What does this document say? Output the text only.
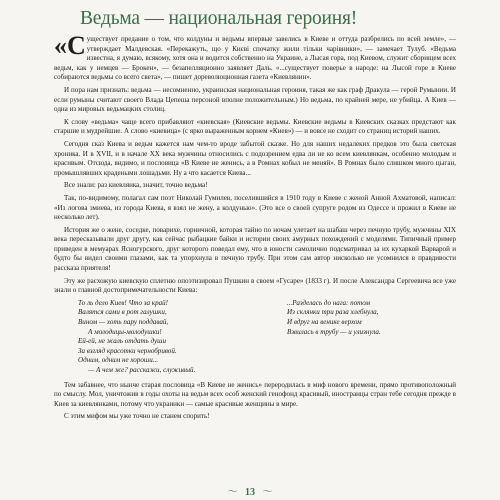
Ведьма — национальная героиня!

«Существует предание о том, что колдуны и ведьмы впервые завелись в Киеве и оттуда разбрелись по всей земле», — утверждает Малдевская. «Перекажуть, що у Києві спочатку жили тільки чарівники», — замечает Тулуб. «Ведьма известна, я думаю, всякому, хотя она и водится собственно на Украине, а Лысая гора, под Киевом, служит сборищем всех ведьм, как у немцев — Брокен», — безапелляционно заявляет Даль. «...существует поверье в народе: на Лысой горе в Киеве собираются ведьмы со всего света», — пишет дореволюционная газета «Киевлянин».

И пора нам признать: ведьма — несомненно, украинская национальная героиня, такая же как граф Дракула — герой Румынии. И если румыны считают своего Влада Цепеша персоной вполне положительным.) Но ведьма, по крайней мере, не убийца. А Киев — одна из мировых ведьмацких столиц.

К слову «ведьма» чаще всего прибавляют «киевская» (Киевские ведьмы. Киевские ведьмы в Киевских сказках предстают как старшие и мудрейшие. А слово «киевица» (с ярко выраженным корнем «Киев») — и вовсе не сходит со страниц историй наших.

Сегодня сказ Киева и ведьм кажется нам чем-то вроде забытой сказке. Но для наших недалеких предков это была светская хроника. И в XVII, и в начале XX века мужчины относились с подозрением едва ли не ко всем киевлянкам, особенно молодым и красивым. Отсюда, видимо, и пословица «В Киеве не женись, а в Ромнах кобыл не меняй». В Ромнах было слишком много цыган, промышлявших крадеными лошадьми. Ну а что касается Киева...

Все знали: раз киевлянка, значит, точно ведьма!

Так, по-видимому, полагал сам поэт Николай Гумилев, поселившийся в 1910 году в Киеве с женой Анной Ахматовой, написал: «Из логова змиева, из города Киева, я взял не жену, а колдунью». (Это все о своей супруге родом из Одессе и прожил в Киеве не несколько лет).

История же о жене, соседке, поварихе, горничной, которая тайно по ночам улетает на шабаш через печную трубу, мужчины XIX века пересказывали друг другу, как сейчас рыбацкие байки и истории своих амурных похождений с моделями. Типичный пример приведен в мемуарах Ясногурского, друг которого поведал ему, что в юности самолично подсматривал за их кухаркой Варварой и будто бы видел своими глазами, как та упорхнула в печную трубу. При этом сам автор нисколько не усомнился в правдивости рассказа приятеля!

Эту же расхожую киевскую сплетню опоэтизировал Пушкин в своем «Гусаре» (1833 г). И после Александра Сергеевича все уже знали о главной достопримечательности Киева:

То ль дело Киев! Что за край!
Валятся сами в рот галушки,
Вином — хоть пару поддавай,
А молодицы-молодушки!
Ей-ей, не жаль отдать души
За взгляд красотки чернобривой.
Одним, одним не хороши...
— А чем же? расскажи, служивый.
...Разделась до нага: потом
Из склянки три раза хлебнула,
И вдруг на венике верхом
Взвилась в трубу — и улизнула.

Тем забавнее, что нынче старая пословица «В Киеве не женись» переродилась в миф нового времени, прямо противоположный по смыслу. Мол, уничтожив в годы охоты на ведьм всех особ женский генофонд красивый, иностранцы стран тебе сегодня прежде в Киев за киевлянками, потому что украинки — самые красивые женщины в мире.

С этим мифом мы уже точно не станем спорить!

〜 13 〜
